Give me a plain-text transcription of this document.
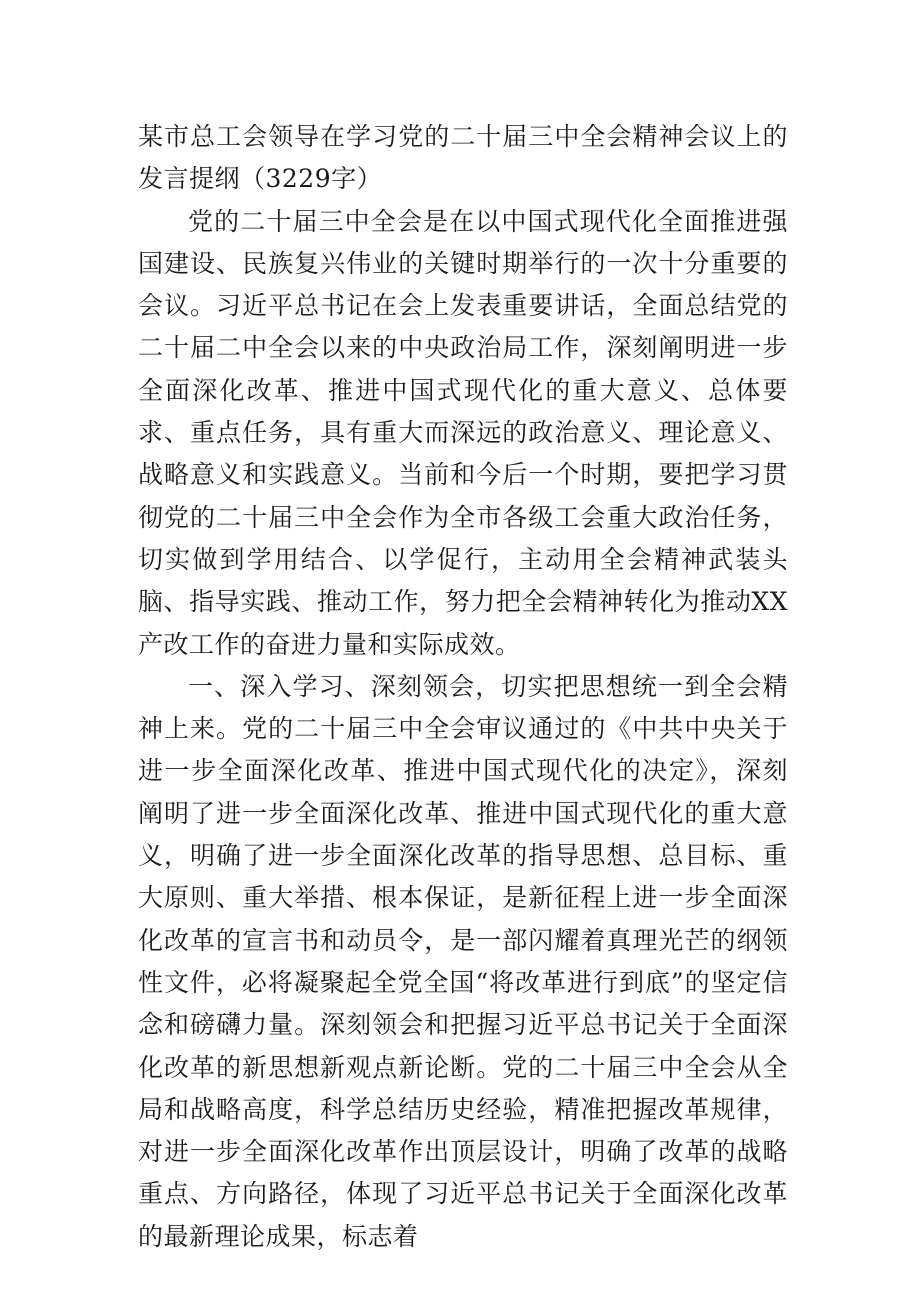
某市总工会领导在学习党的二十届三中全会精神会议上的发言提纲（3229字）

党的二十届三中全会是在以中国式现代化全面推进强国建设、民族复兴伟业的关键时期举行的一次十分重要的会议。习近平总书记在会上发表重要讲话，全面总结党的二十届二中全会以来的中央政治局工作，深刻阐明进一步全面深化改革、推进中国式现代化的重大意义、总体要求、重点任务，具有重大而深远的政治意义、理论意义、战略意义和实践意义。当前和今后一个时期，要把学习贯彻党的二十届三中全会作为全市各级工会重大政治任务，切实做到学用结合、以学促行，主动用全会精神武装头脑、指导实践、推动工作，努力把全会精神转化为推动XX产改工作的奋进力量和实际成效。

一、深入学习、深刻领会，切实把思想统一到全会精神上来。党的二十届三中全会审议通过的《中共中央关于进一步全面深化改革、推进中国式现代化的决定》，深刻阐明了进一步全面深化改革、推进中国式现代化的重大意义，明确了进一步全面深化改革的指导思想、总目标、重大原则、重大举措、根本保证，是新征程上进一步全面深化改革的宣言书和动员令，是一部闪耀着真理光芒的纲领性文件，必将凝聚起全党全国“将改革进行到底”的坚定信念和磅礴力量。深刻领会和把握习近平总书记关于全面深化改革的新思想新观点新论断。党的二十届三中全会从全局和战略高度，科学总结历史经验，精准把握改革规律，对进一步全面深化改革作出顶层设计，明确了改革的战略重点、方向路径，体现了习近平总书记关于全面深化改革的最新理论成果，标志着
